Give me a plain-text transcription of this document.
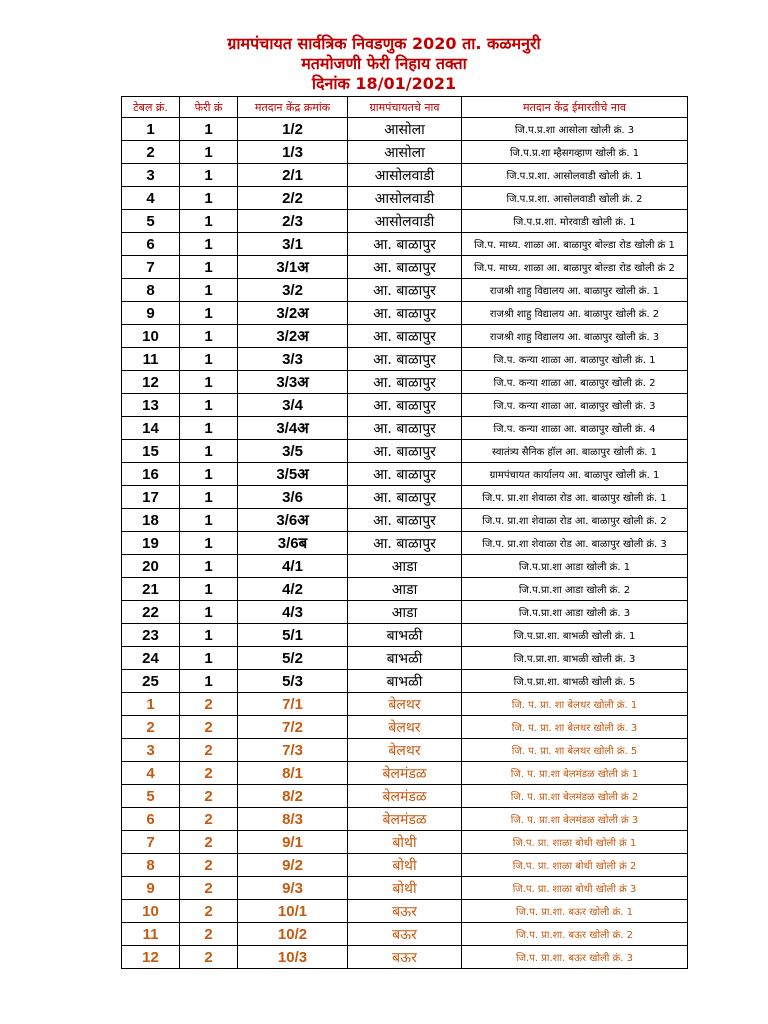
ग्रामपंचायत सार्वत्रिक निवडणुक 2020 ता. कळमनुरी
मतमोजणी फेरी निहाय तक्ता
दिनांक 18/01/2021
टेबल क्रं.	फेरी क्रं	मतदान केंद्र क्रमांक	ग्रामपंचायतचे नाव	मतदान केंद्र ईमारतीचे नाव
1	1	1/2	आसोला	जि.प.प्र.शा आसोला खोली क्रं. 3
2	1	1/3	आसोला	जि.प.प्र.शा म्हैसगव्हाण खोली क्रं. 1
3	1	2/1	आसोलवाडी	जि.प.प्र.शा. आसोलवाडी खोली क्रं. 1
4	1	2/2	आसोलवाडी	जि.प.प्र.शा. आसोलवाडी खोली क्रं. 2
5	1	2/3	आसोलवाडी	जि.प.प्र.शा. मोरवाडी खोली क्रं. 1
6	1	3/1	आ. बाळापुर	जि.प. माध्य. शाळा आ. बाळापुर बोल्डा रोड खोली क्रं 1
7	1	3/1अ	आ. बाळापुर	जि.प. माध्य. शाळा आ. बाळापुर बोल्डा रोड खोली क्रं 2
8	1	3/2	आ. बाळापुर	राजश्री शाहु विद्यालय आ. बाळापुर खोली क्रं. 1
9	1	3/2अ	आ. बाळापुर	राजश्री शाहु विद्यालय आ. बाळापुर खोली क्रं. 2
10	1	3/2अ	आ. बाळापुर	राजश्री शाहु विद्यालय आ. बाळापुर खोली क्रं. 3
11	1	3/3	आ. बाळापुर	जि.प. कन्या शाळा आ. बाळापुर खोली क्रं. 1
12	1	3/3अ	आ. बाळापुर	जि.प. कन्या शाळा आ. बाळापुर खोली क्रं. 2
13	1	3/4	आ. बाळापुर	जि.प. कन्या शाळा आ. बाळापुर खोली क्रं. 3
14	1	3/4अ	आ. बाळापुर	जि.प. कन्या शाळा आ. बाळापुर खोली क्रं. 4
15	1	3/5	आ. बाळापुर	स्वातंत्र्य सैनिक हॉल आ. बाळापुर खोली क्रं. 1
16	1	3/5अ	आ. बाळापुर	ग्रामपंचायत कार्यालय आ. बाळापुर खोली क्रं. 1
17	1	3/6	आ. बाळापुर	जि.प. प्रा.शा शेवाळा रोड आ. बाळापुर खोली क्रं. 1
18	1	3/6अ	आ. बाळापुर	जि.प. प्रा.शा शेवाळा रोड आ. बाळापुर खोली क्रं. 2
19	1	3/6ब	आ. बाळापुर	जि.प. प्रा.शा शेवाळा रोड आ. बाळापुर खोली क्रं. 3
20	1	4/1	आडा	जि.प.प्रा.शा आडा खोली क्रं. 1
21	1	4/2	आडा	जि.प.प्रा.शा आडा खोली क्रं. 2
22	1	4/3	आडा	जि.प.प्रा.शा आडा खोली क्रं. 3
23	1	5/1	बाभळी	जि.प.प्रा.शा. बाभळी खोली क्रं. 1
24	1	5/2	बाभळी	जि.प.प्रा.शा. बाभळी खोली क्रं. 3
25	1	5/3	बाभळी	जि.प.प्रा.शा. बाभळी खोली क्रं. 5
1	2	7/1	बेलथर	जि. प. प्रा. शा बेलथर खोली क्रं. 1
2	2	7/2	बेलथर	जि. प. प्रा. शा बेलथर खोली क्रं. 3
3	2	7/3	बेलथर	जि. प. प्रा. शा बेलथर खोली क्रं. 5
4	2	8/1	बेलमंडळ	जि. प. प्रा.शा बेलमंडळ खोली क्रं 1
5	2	8/2	बेलमंडळ	जि. प. प्रा.शा बेलमंडळ खोली क्रं 2
6	2	8/3	बेलमंडळ	जि. प. प्रा.शा बेलमंडळ खोली क्रं 3
7	2	9/1	बोथी	जि.प. प्रा. शाळा बोथी खोली क्रं 1
8	2	9/2	बोथी	जि.प. प्रा. शाळा बोथी खोली क्रं 2
9	2	9/3	बोथी	जि.प. प्रा. शाळा बोथी खोली क्रं 3
10	2	10/1	बऊर	जि.प. प्रा.शा. बऊर खोली क्रं. 1
11	2	10/2	बऊर	जि.प. प्रा.शा. बऊर खोली क्रं. 2
12	2	10/3	बऊर	जि.प. प्रा.शा. बऊर खोली क्रं. 3
